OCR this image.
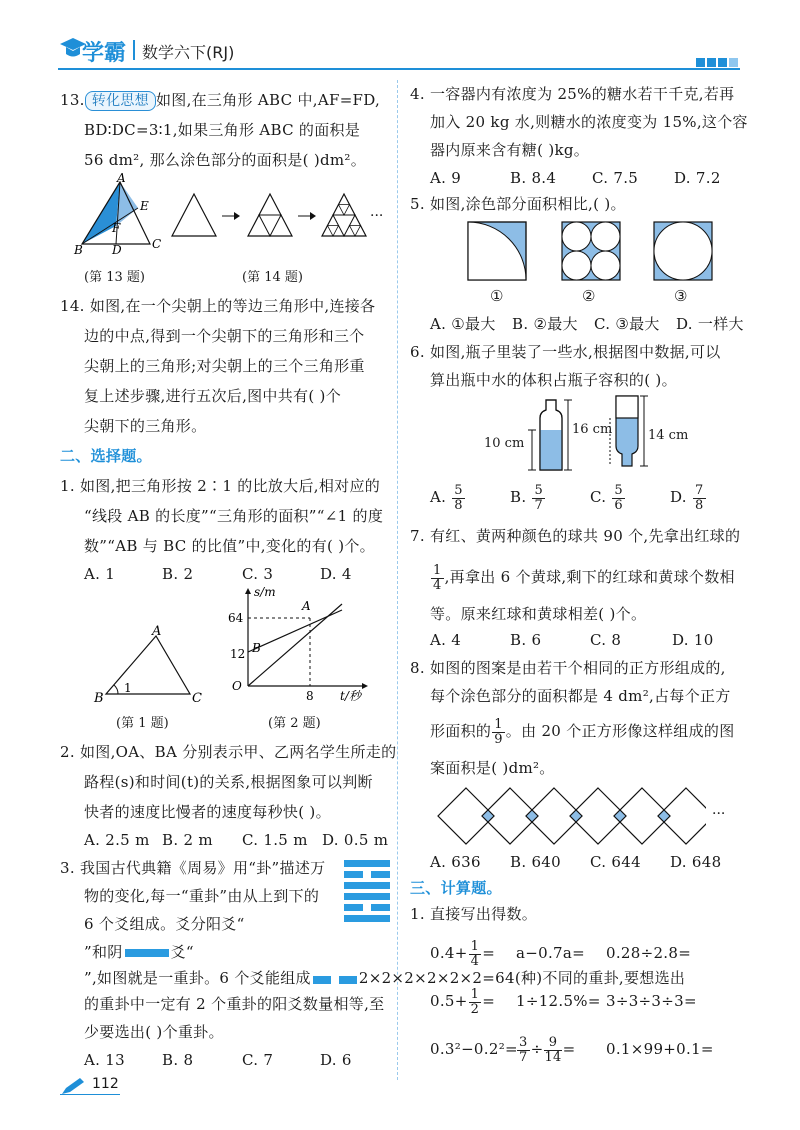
学霸 数学六下(RJ)
13. 转化思想 如图,在三角形 ABC 中,AF=FD,
BD∶DC=3∶1,如果三角形 ABC 的面积是
56 dm², 那么涂色部分的面积是( )dm²。
A
E
F
B D	C
(第 13 题)
···
(第 14 题)
14. 如图,在一个尖朝上的等边三角形中,连接各
边的中点,得到一个尖朝下的三角形和三个
尖朝上的三角形;对尖朝上的三个三角形重
复上述步骤,进行五次后,图中共有( )个
尖朝下的三角形。
二、选择题。
1. 如图,把三角形按 2∶1 的比放大后,相对应的
“线段 AB 的长度”“三角形的面积”“∠1 的度
数”“AB 与 BC 的比值”中,变化的有( )个。
A. 1	B. 2	C. 3	D. 4
A
B	C
1
(第 1 题)
s/m
t/秒
64
12
8
O
A
B
(第 2 题)
2. 如图,OA、BA 分别表示甲、乙两名学生所走的
路程(s)和时间(t)的关系,根据图象可以判断
快者的速度比慢者的速度每秒快( )。
A. 2.5 m B. 2 m C. 1.5 m D. 0.5 m
3. 我国古代典籍《周易》用“卦”描述万
物的变化,每一“重卦”由从上到下的
6 个爻组成。爻分阳爻“
”和阴	爻“
”,如图就是一重卦。6 个爻能组成	2×2×2×2×2×2=64(种)不同的重卦,要想选出
的重卦中一定有 2 个重卦的阳爻数量相等,至
少要选出( )个重卦。
A. 13 B. 8	C. 7	D. 6
112
4. 一容器内有浓度为 25%的糖水若干千克,若再
加入 20 kg 水,则糖水的浓度变为 15%,这个容
器内原来含有糖( )kg。
A. 9	B. 8.4 C. 7.5 D. 7.2
5. 如图,涂色部分面积相比,( )。
①	②	③
A. ①最大 B. ②最大 C. ③最大 D. 一样大
6. 如图,瓶子里装了一些水,根据图中数据,可以
算出瓶中水的体积占瓶子容积的( )。
10 cm
16 cm	14 cm
A. $\frac{5}{8}$	B. $\frac{5}{7}$	C. $\frac{5}{6}$	D. $\frac{7}{8}$
7. 有红、黄两种颜色的球共 90 个,先拿出红球的
$\frac{1}{4}$ ,再拿出 6 个黄球,剩下的红球和黄球个数相
等。原来红球和黄球相差( )个。
A. 4	B. 6	C. 8	D. 10
8. 如图的图案是由若干个相同的正方形组成的,
每个涂色部分的面积都是 4 dm²,占每个正方
形面积的 $\frac{1}{9}$ 。由 20 个正方形像这样组成的图
案面积是( )dm²。
···
A. 636 B. 640 C. 644 D. 648
三、计算题。
1. 直接写出得数。
$0.4+ \frac{1}{4} = a-0.7a= 0.28\div 2.8=$
$0.5+ \frac{1}{2} = 1\div 12.5\%= 3\div 3\div 3\div 3=$
$0.3^2-0.2^2= \frac{3}{7} \div \frac{9}{14} = 0.1\times 99+0.1=$
